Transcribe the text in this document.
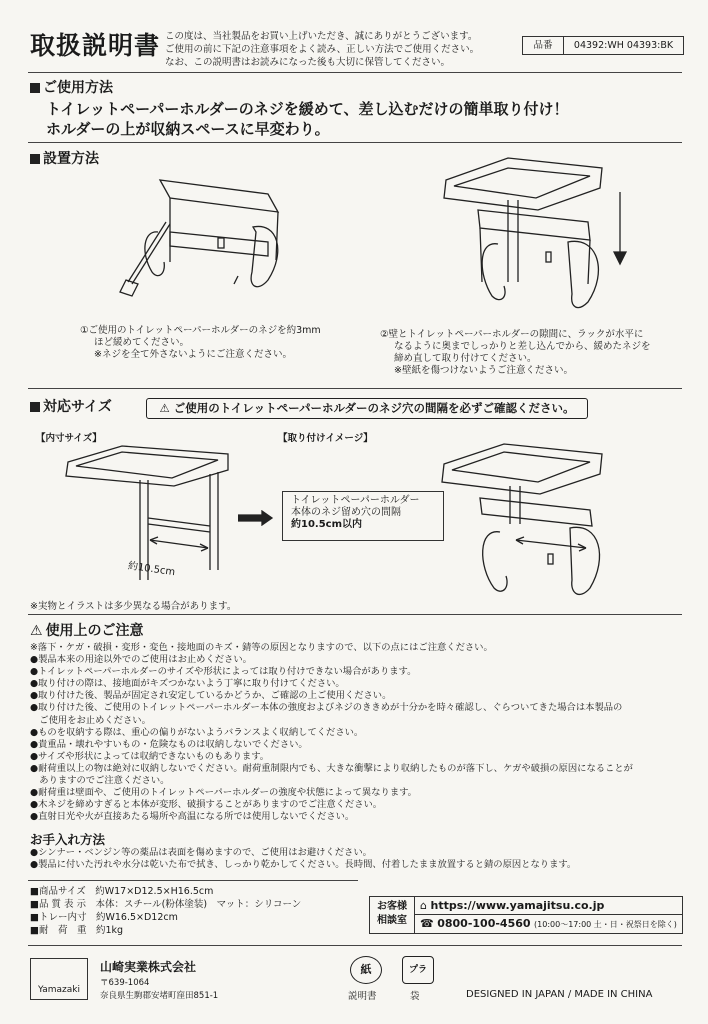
取扱説明書 この度は、当社製品をお買い上げいただき、誠にありがとうございます。
ご使用の前に下記の注意事項をよく読み、正しい方法でご使用ください。
なお、この説明書はお読みになった後も大切に保管してください。
品番	04392:WH 04393:BK
ご使用方法
トイレットペーパーホルダーのネジを緩めて、差し込むだけの簡単取り付け！
ホルダーの上が収納スペースに早変わり。
設置方法
①ご使用のトイレットペーパーホルダーのネジを約3mm
ほど緩めてください。
※ネジを全て外さないようにご注意ください。
②壁とトイレットペーパーホルダーの隙間に、ラックが水平に
なるように奥までしっかりと差し込んでから、緩めたネジを
締め直して取り付けてください。
※壁紙を傷つけないようご注意ください。
対応サイズ	⚠ ご使用のトイレットペーパーホルダーのネジ穴の間隔を必ずご確認ください。
【内寸サイズ】	【取り付けイメージ】
約10.5cm
トイレットペーパーホルダー
本体のネジ留め穴の間隔
約10.5cm以内
※実物とイラストは多少異なる場合があります。
⚠ 使用上のご注意
※落下・ケガ・破損・変形・変色・接地面のキズ・錆等の原因となりますので、以下の点にはご注意ください。
●製品本来の用途以外でのご使用はお止めください。
●トイレットペーパーホルダーのサイズや形状によっては取り付けできない場合があります。
●取り付けの際は、接地面がキズつかないよう丁寧に取り付けてください。
●取り付けた後、製品が固定され安定しているかどうか、ご確認の上ご使用ください。
●取り付けた後、ご使用のトイレットペーパーホルダー本体の強度およびネジのききめが十分かを時々確認し、ぐらついてきた場合は本製品の
　ご使用をお止めください。
●ものを収納する際は、重心の偏りがないようバランスよく収納してください。
●貴重品・壊れやすいもの・危険なものは収納しないでください。
●サイズや形状によっては収納できないものもあります。
●耐荷重以上の物は絶対に収納しないでください。耐荷重制限内でも、大きな衝撃により収納したものが落下し、ケガや破損の原因になることが
　ありますのでご注意ください。
●耐荷重は壁面や、ご使用のトイレットペーパーホルダーの強度や状態によって異なります。
●木ネジを締めすぎると本体が変形、破損することがありますのでご注意ください。
●直射日光や火が直接あたる場所や高温になる所では使用しないでください。
お手入れ方法
●シンナー・ベンジン等の薬品は表面を傷めますので、ご使用はお避けください。
●製品に付いた汚れや水分は乾いた布で拭き、しっかり乾かしてください。長時間、付着したまま放置すると錆の原因となります。
■商品サイズ　約W17×D12.5×H16.5cm
■品 質 表 示　本体：スチール(粉体塗装)　マット：シリコーン
■トレー内寸　約W16.5×D12cm
■耐　荷　重　約1kg
お客様
相談室
⌂ https://www.yamajitsu.co.jp
☎ 0800-100-4560 (10:00～17:00 土・日・祝祭日を除く)
Yamazaki
山崎実業株式会社
〒639-1064
奈良県生駒郡安堵町窪田851-1
紙
説明書
プラ
袋	DESIGNED IN JAPAN / MADE IN CHINA
